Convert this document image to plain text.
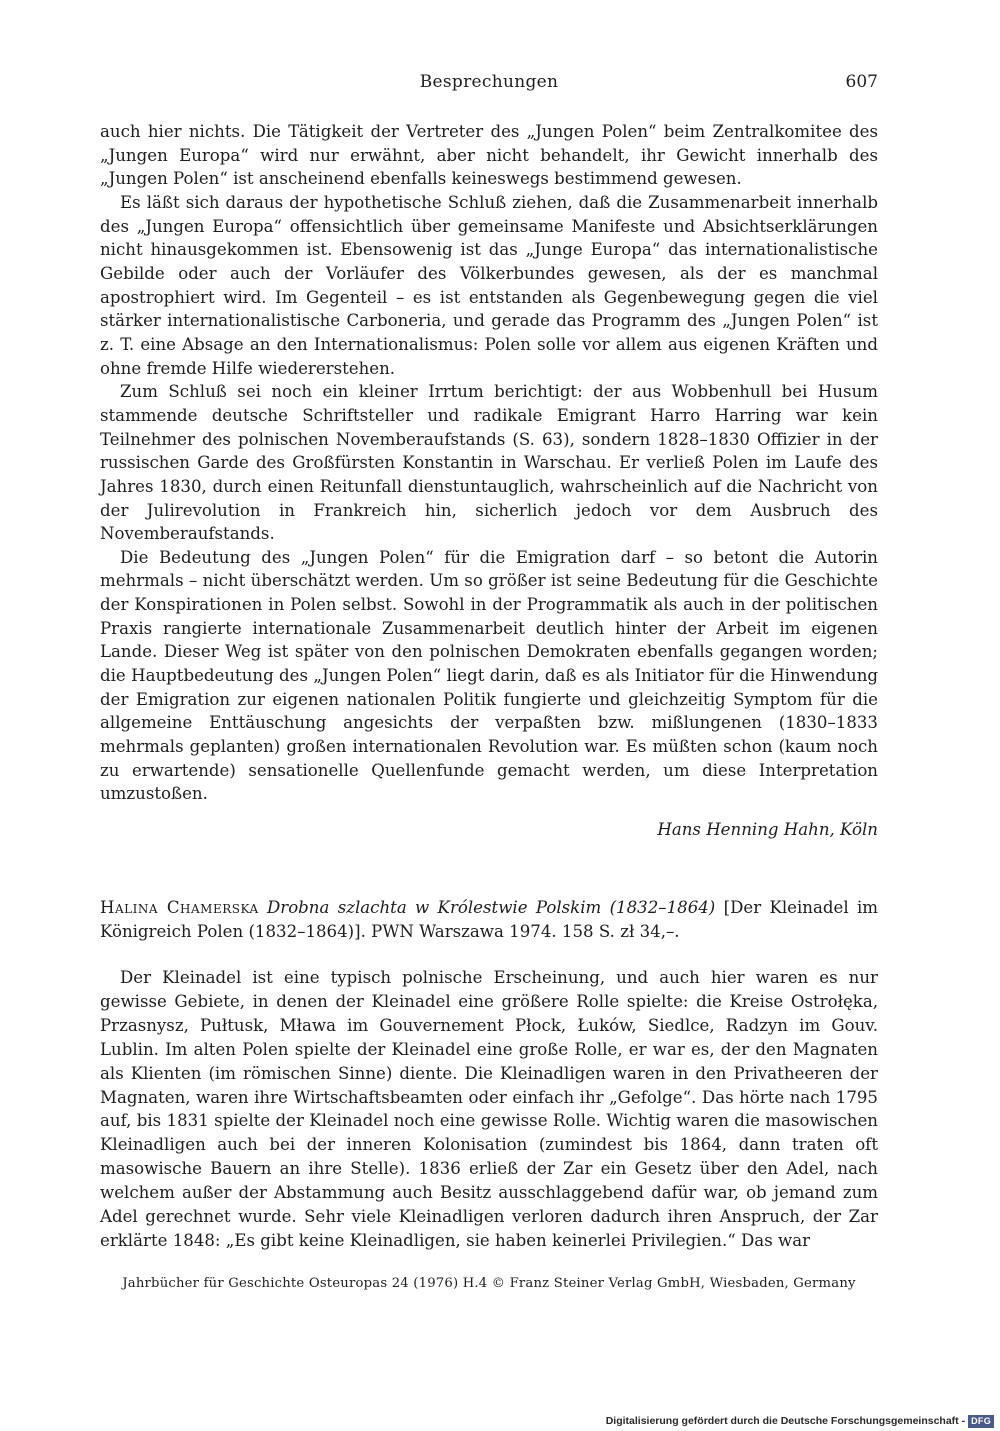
Besprechungen	607

auch hier nichts. Die Tätigkeit der Vertreter des „Jungen Polen“ beim Zentralkomitee des „Jungen Europa“ wird nur erwähnt, aber nicht behandelt, ihr Gewicht innerhalb des „Jungen Polen“ ist anscheinend ebenfalls keineswegs bestimmend gewesen.

Es läßt sich daraus der hypothetische Schluß ziehen, daß die Zusammenarbeit innerhalb des „Jungen Europa“ offensichtlich über gemeinsame Manifeste und Absichtserklärungen nicht hinausgekommen ist. Ebensowenig ist das „Junge Europa“ das internationalistische Gebilde oder auch der Vorläufer des Völkerbundes gewesen, als der es manchmal apostrophiert wird. Im Gegenteil – es ist entstanden als Gegenbewegung gegen die viel stärker internationalistische Carboneria, und gerade das Programm des „Jungen Polen“ ist z. T. eine Absage an den Internationalismus: Polen solle vor allem aus eigenen Kräften und ohne fremde Hilfe wiedererstehen.

Zum Schluß sei noch ein kleiner Irrtum berichtigt: der aus Wobbenhull bei Husum stammende deutsche Schriftsteller und radikale Emigrant Harro Harring war kein Teilnehmer des polnischen Novemberaufstands (S. 63), sondern 1828–1830 Offizier in der russischen Garde des Großfürsten Konstantin in Warschau. Er verließ Polen im Laufe des Jahres 1830, durch einen Reitunfall dienstuntauglich, wahrscheinlich auf die Nachricht von der Julirevolution in Frankreich hin, sicherlich jedoch vor dem Ausbruch des Novemberaufstands.

Die Bedeutung des „Jungen Polen“ für die Emigration darf – so betont die Autorin mehrmals – nicht überschätzt werden. Um so größer ist seine Bedeutung für die Geschichte der Konspirationen in Polen selbst. Sowohl in der Programmatik als auch in der politischen Praxis rangierte internationale Zusammenarbeit deutlich hinter der Arbeit im eigenen Lande. Dieser Weg ist später von den polnischen Demokraten ebenfalls gegangen worden; die Hauptbedeutung des „Jungen Polen“ liegt darin, daß es als Initiator für die Hinwendung der Emigration zur eigenen nationalen Politik fungierte und gleichzeitig Symptom für die allgemeine Enttäuschung angesichts der verpaßten bzw. mißlungenen (1830–1833 mehrmals geplanten) großen internationalen Revolution war. Es müßten schon (kaum noch zu erwartende) sensationelle Quellenfunde gemacht werden, um diese Interpretation umzustoßen.

Hans Henning Hahn, Köln
Halina Chamerska Drobna szlachta w Królestwie Polskim (1832–1864) [Der Kleinadel im Königreich Polen (1832–1864)]. PWN Warszawa 1974. 158 S. zł 34,–.

Der Kleinadel ist eine typisch polnische Erscheinung, und auch hier waren es nur gewisse Gebiete, in denen der Kleinadel eine größere Rolle spielte: die Kreise Ostrołęka, Przasnysz, Pułtusk, Mława im Gouvernement Płock, Łuków, Siedlce, Radzyn im Gouv. Lublin. Im alten Polen spielte der Kleinadel eine große Rolle, er war es, der den Magnaten als Klienten (im römischen Sinne) diente. Die Kleinadligen waren in den Privatheeren der Magnaten, waren ihre Wirtschaftsbeamten oder einfach ihr „Gefolge“. Das hörte nach 1795 auf, bis 1831 spielte der Kleinadel noch eine gewisse Rolle. Wichtig waren die masowischen Kleinadligen auch bei der inneren Kolonisation (zumindest bis 1864, dann traten oft masowische Bauern an ihre Stelle). 1836 erließ der Zar ein Gesetz über den Adel, nach welchem außer der Abstammung auch Besitz ausschlaggebend dafür war, ob jemand zum Adel gerechnet wurde. Sehr viele Kleinadligen verloren dadurch ihren Anspruch, der Zar erklärte 1848: „Es gibt keine Kleinadligen, sie haben keinerlei Privilegien.“ Das war

Jahrbücher für Geschichte Osteuropas 24 (1976) H.4 © Franz Steiner Verlag GmbH, Wiesbaden, Germany
Digitalisierung gefördert durch die Deutsche Forschungsgemeinschaft - DFG
